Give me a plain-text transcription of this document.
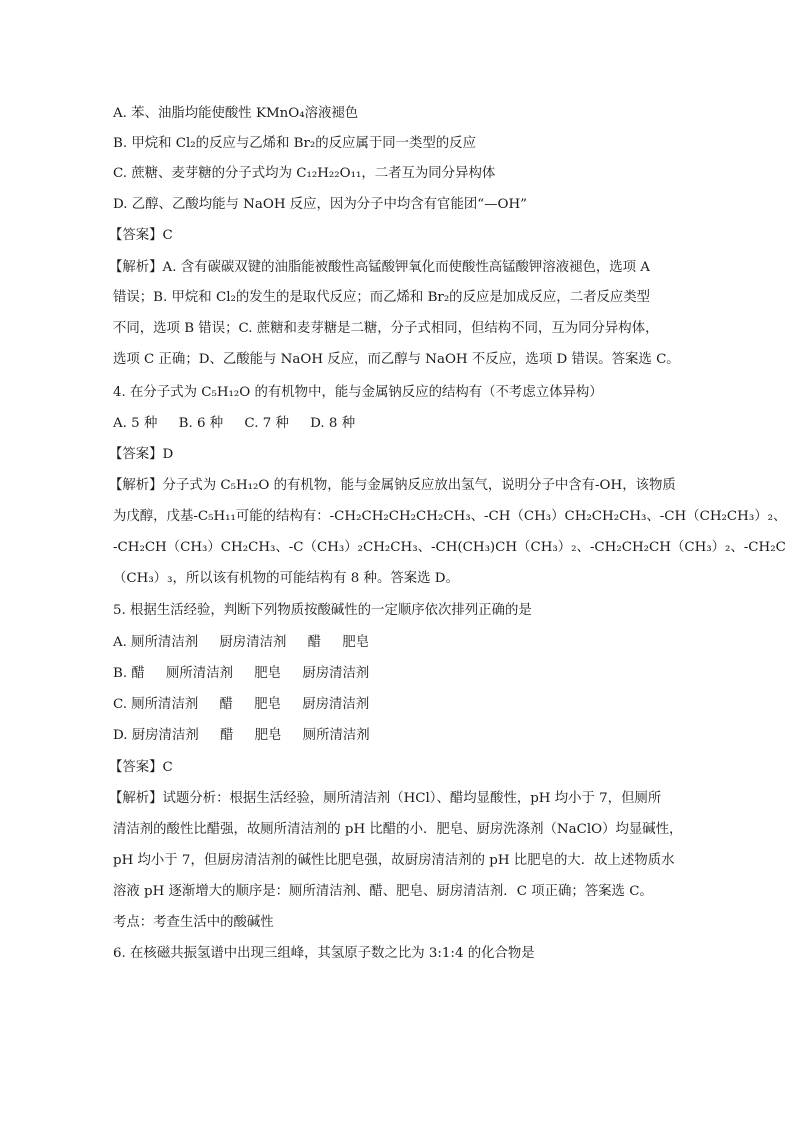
A. 苯、油脂均能使酸性 KMnO₄溶液褪色
B. 甲烷和 Cl₂的反应与乙烯和 Br₂的反应属于同一类型的反应
C. 蔗糖、麦芽糖的分子式均为 C₁₂H₂₂O₁₁，二者互为同分异构体
D. 乙醇、乙酸均能与 NaOH 反应，因为分子中均含有官能团“—OH”
【答案】C
【解析】A. 含有碳碳双键的油脂能被酸性高锰酸钾氧化而使酸性高锰酸钾溶液褪色，选项 A
错误；B. 甲烷和 Cl₂的发生的是取代反应；而乙烯和 Br₂的反应是加成反应，二者反应类型
不同，选项 B 错误；C. 蔗糖和麦芽糖是二糖，分子式相同，但结构不同，互为同分异构体，
选项 C 正确；D、乙酸能与 NaOH 反应，而乙醇与 NaOH 不反应，选项 D 错误。答案选 C。
4. 在分子式为 C₅H₁₂O 的有机物中，能与金属钠反应的结构有（不考虑立体异构）
A. 5 种     B. 6 种     C. 7 种     D. 8 种
【答案】D
【解析】分子式为 C₅H₁₂O 的有机物，能与金属钠反应放出氢气，说明分子中含有-OH，该物质
为戊醇，戊基-C₅H₁₁可能的结构有：-CH₂CH₂CH₂CH₂CH₃、-CH（CH₃）CH₂CH₂CH₃、-CH（CH₂CH₃）₂、
-CH₂CH（CH₃）CH₂CH₃、-C（CH₃）₂CH₂CH₃、-CH(CH₃)CH（CH₃）₂、-CH₂CH₂CH（CH₃）₂、-CH₂C
（CH₃）₃，所以该有机物的可能结构有 8 种。答案选 D。
5. 根据生活经验，判断下列物质按酸碱性的一定顺序依次排列正确的是
A. 厕所清洁剂     厨房清洁剂     醋     肥皂
B. 醋     厕所清洁剂     肥皂     厨房清洁剂
C. 厕所清洁剂     醋     肥皂     厨房清洁剂
D. 厨房清洁剂     醋     肥皂     厕所清洁剂
【答案】C
【解析】试题分析：根据生活经验，厕所清洁剂（HCl）、醋均显酸性，pH 均小于 7，但厕所
清洁剂的酸性比醋强，故厕所清洁剂的 pH 比醋的小．肥皂、厨房洗涤剂（NaClO）均显碱性，
pH 均小于 7，但厨房清洁剂的碱性比肥皂强，故厨房清洁剂的 pH 比肥皂的大．故上述物质水
溶液 pH 逐渐增大的顺序是：厕所清洁剂、醋、肥皂、厨房清洁剂．C 项正确；答案选 C。
考点：考查生活中的酸碱性
6. 在核磁共振氢谱中出现三组峰，其氢原子数之比为 3:1:4 的化合物是
